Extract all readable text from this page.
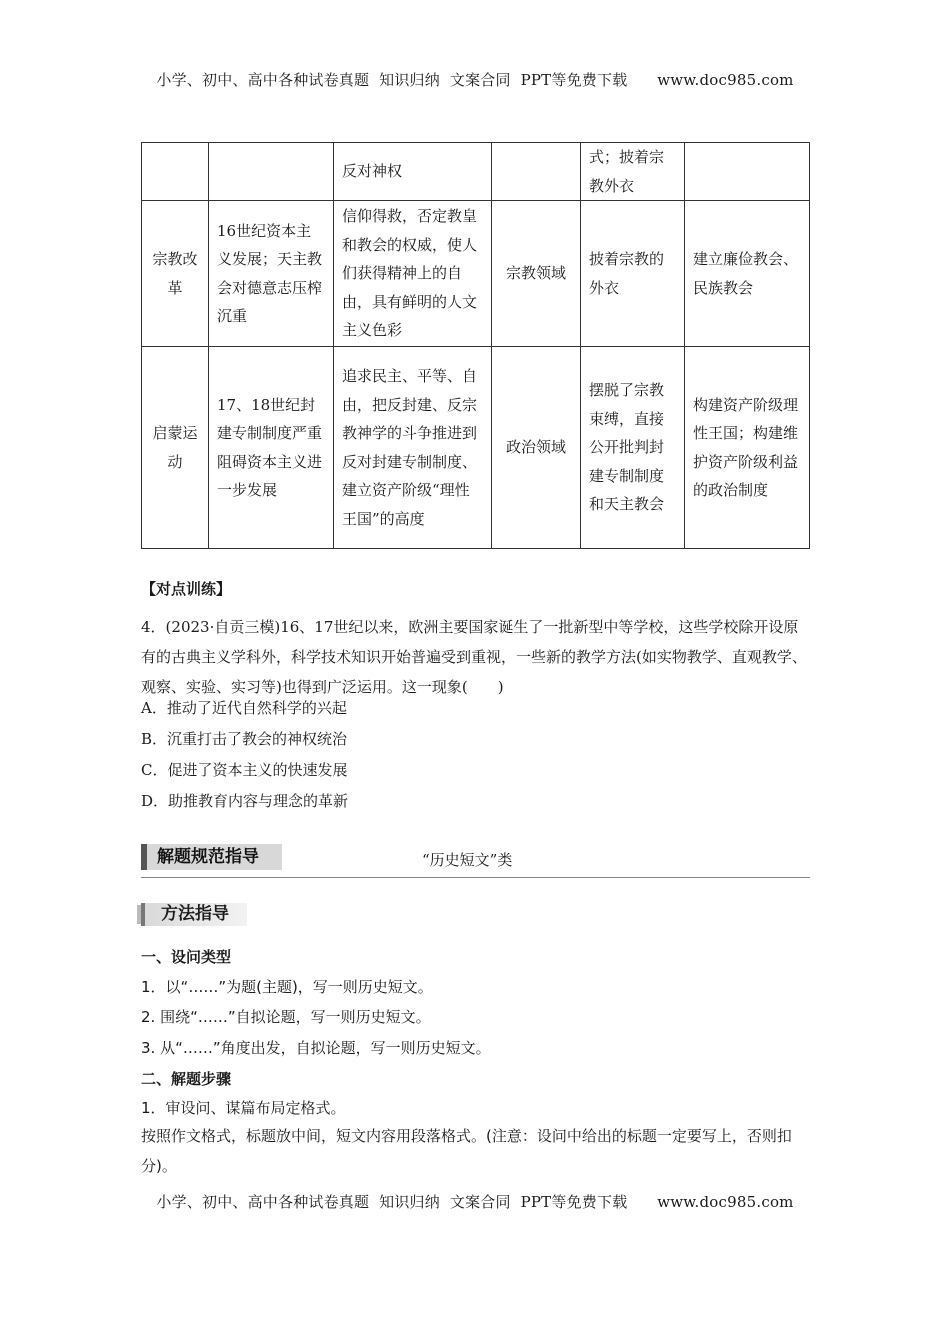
小学、初中、高中各种试卷真题  知识归纳  文案合同  PPT等免费下载      www.doc985.com
		反对神权		式；披着宗教外衣	
宗教改革	16世纪资本主义发展；天主教会对德意志压榨沉重	信仰得救，否定教皇和教会的权威，使人们获得精神上的自由，具有鲜明的人文主义色彩	宗教领域	披着宗教的外衣	建立廉俭教会、民族教会
启蒙运动	17、18世纪封建专制制度严重阻碍资本主义进一步发展	追求民主、平等、自由，把反封建、反宗教神学的斗争推进到反对封建专制制度、建立资产阶级“理性王国”的高度	政治领域	摆脱了宗教束缚，直接公开批判封建专制制度和天主教会	构建资产阶级理性王国；构建维护资产阶级利益的政治制度
【对点训练】
4．(2023·自贡三模)16、17世纪以来，欧洲主要国家诞生了一批新型中等学校，这些学校除开设原有的古典主义学科外，科学技术知识开始普遍受到重视，一些新的教学方法(如实物教学、直观教学、观察、实验、实习等)也得到广泛运用。这一现象(　　)
A．推动了近代自然科学的兴起
B．沉重打击了教会的神权统治
C．促进了资本主义的快速发展
D．助推教育内容与理念的革新
解题规范指导	“历史短文”类
方法指导
一、设问类型
1．以“……”为题(主题)，写一则历史短文。
2. 围绕“……”自拟论题，写一则历史短文。
3. 从“……”角度出发，自拟论题，写一则历史短文。
二、解题步骤
1．审设问、谋篇布局定格式。
按照作文格式，标题放中间，短文内容用段落格式。(注意：设问中给出的标题一定要写上，否则扣分)。
小学、初中、高中各种试卷真题  知识归纳  文案合同  PPT等免费下载      www.doc985.com
